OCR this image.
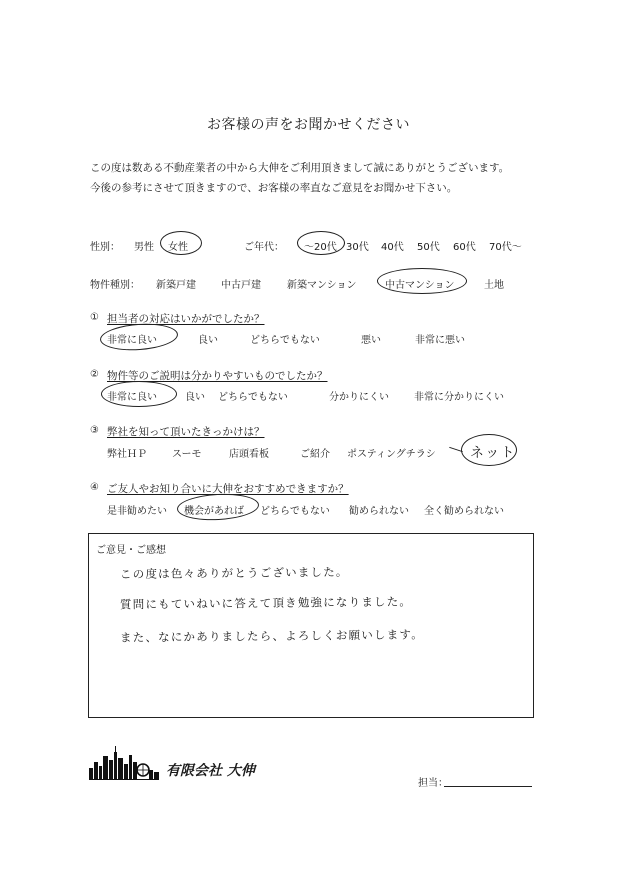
お客様の声をお聞かせください
この度は数ある不動産業者の中から大伸をご利用頂きまして誠にありがとうございます。
今後の参考にさせて頂きますので、お客様の率直なご意見をお聞かせ下さい。
性別： 男性 女性	ご年代： ～20代 30代 40代 50代 60代 70代～
物件種別： 新築戸建	中古戸建	新築マンション	中古マンション	土地
① 担当者の対応はいかがでしたか？
非常に良い	良い	どちらでもない	悪い	非常に悪い
② 物件等のご説明は分かりやすいものでしたか？
非常に良い	良い どちらでもない	分かりにくい	非常に分かりにくい
③ 弊社を知って頂いたきっかけは？
弊社ＨＰ	スーモ	店頭看板	ご紹介 ポスティングチラシ ネット
④ ご友人やお知り合いに大伸をおすすめできますか？
是非勧めたい 機会があれば どちらでもない 勧められない 全く勧められない
ご意見・ご感想
この度は色々ありがとうございました。
質問にもていねいに答えて頂き勉強になりました。
また、なにかありましたら、よろしくお願いします。
有限会社 大伸
担当：
